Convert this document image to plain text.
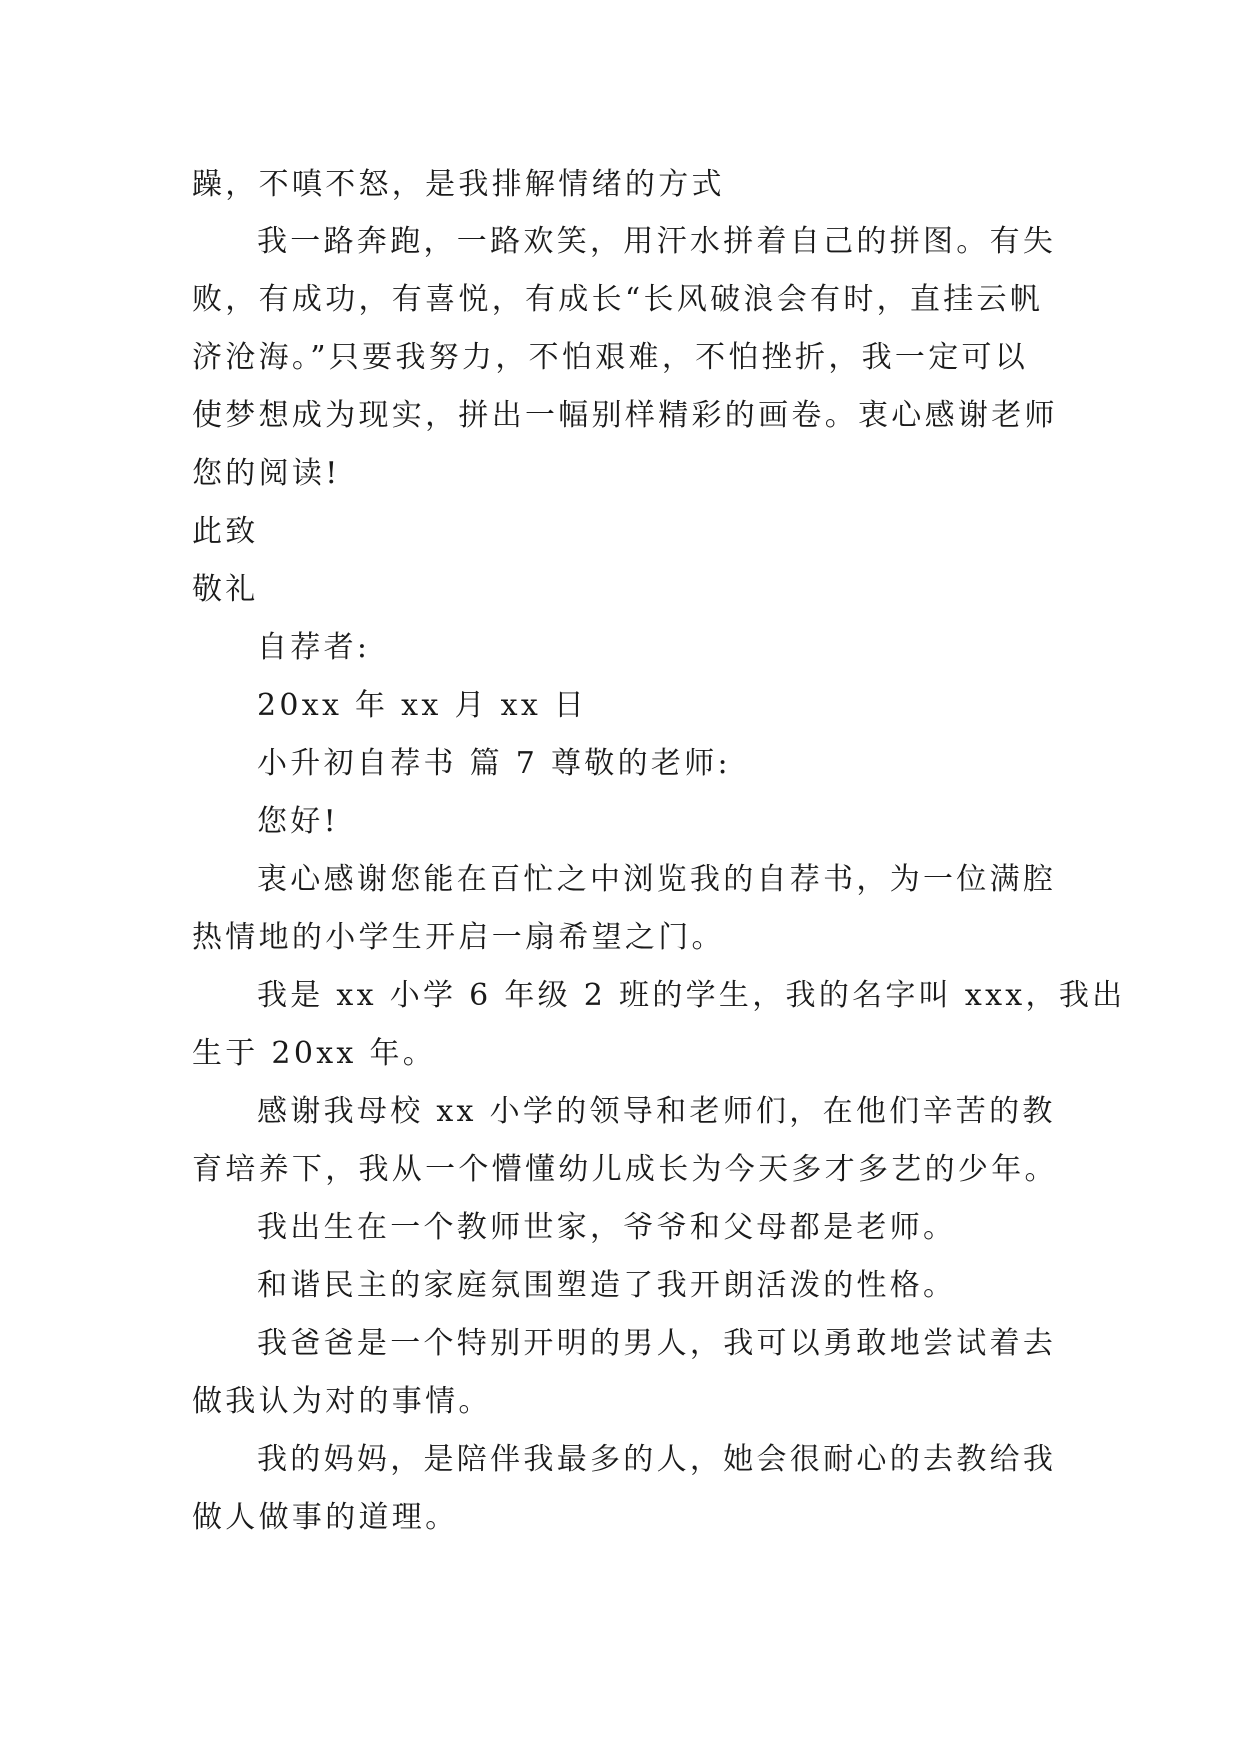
躁，不嗔不怒，是我排解情绪的方式
我一路奔跑，一路欢笑，用汗水拼着自己的拼图。有失
败，有成功，有喜悦，有成长“长风破浪会有时，直挂云帆
济沧海。”只要我努力，不怕艰难，不怕挫折，我一定可以
使梦想成为现实，拼出一幅别样精彩的画卷。衷心感谢老师
您的阅读!
此致
敬礼
自荐者:
20xx 年 xx 月 xx 日
小升初自荐书 篇 7 尊敬的老师:
您好!
衷心感谢您能在百忙之中浏览我的自荐书，为一位满腔
热情地的小学生开启一扇希望之门。
我是 xx 小学 6 年级 2 班的学生，我的名字叫 xxx，我出
生于 20xx 年。
感谢我母校 xx 小学的领导和老师们，在他们辛苦的教
育培养下，我从一个懵懂幼儿成长为今天多才多艺的少年。
我出生在一个教师世家，爷爷和父母都是老师。
和谐民主的家庭氛围塑造了我开朗活泼的性格。
我爸爸是一个特别开明的男人，我可以勇敢地尝试着去
做我认为对的事情。
我的妈妈，是陪伴我最多的人，她会很耐心的去教给我
做人做事的道理。
